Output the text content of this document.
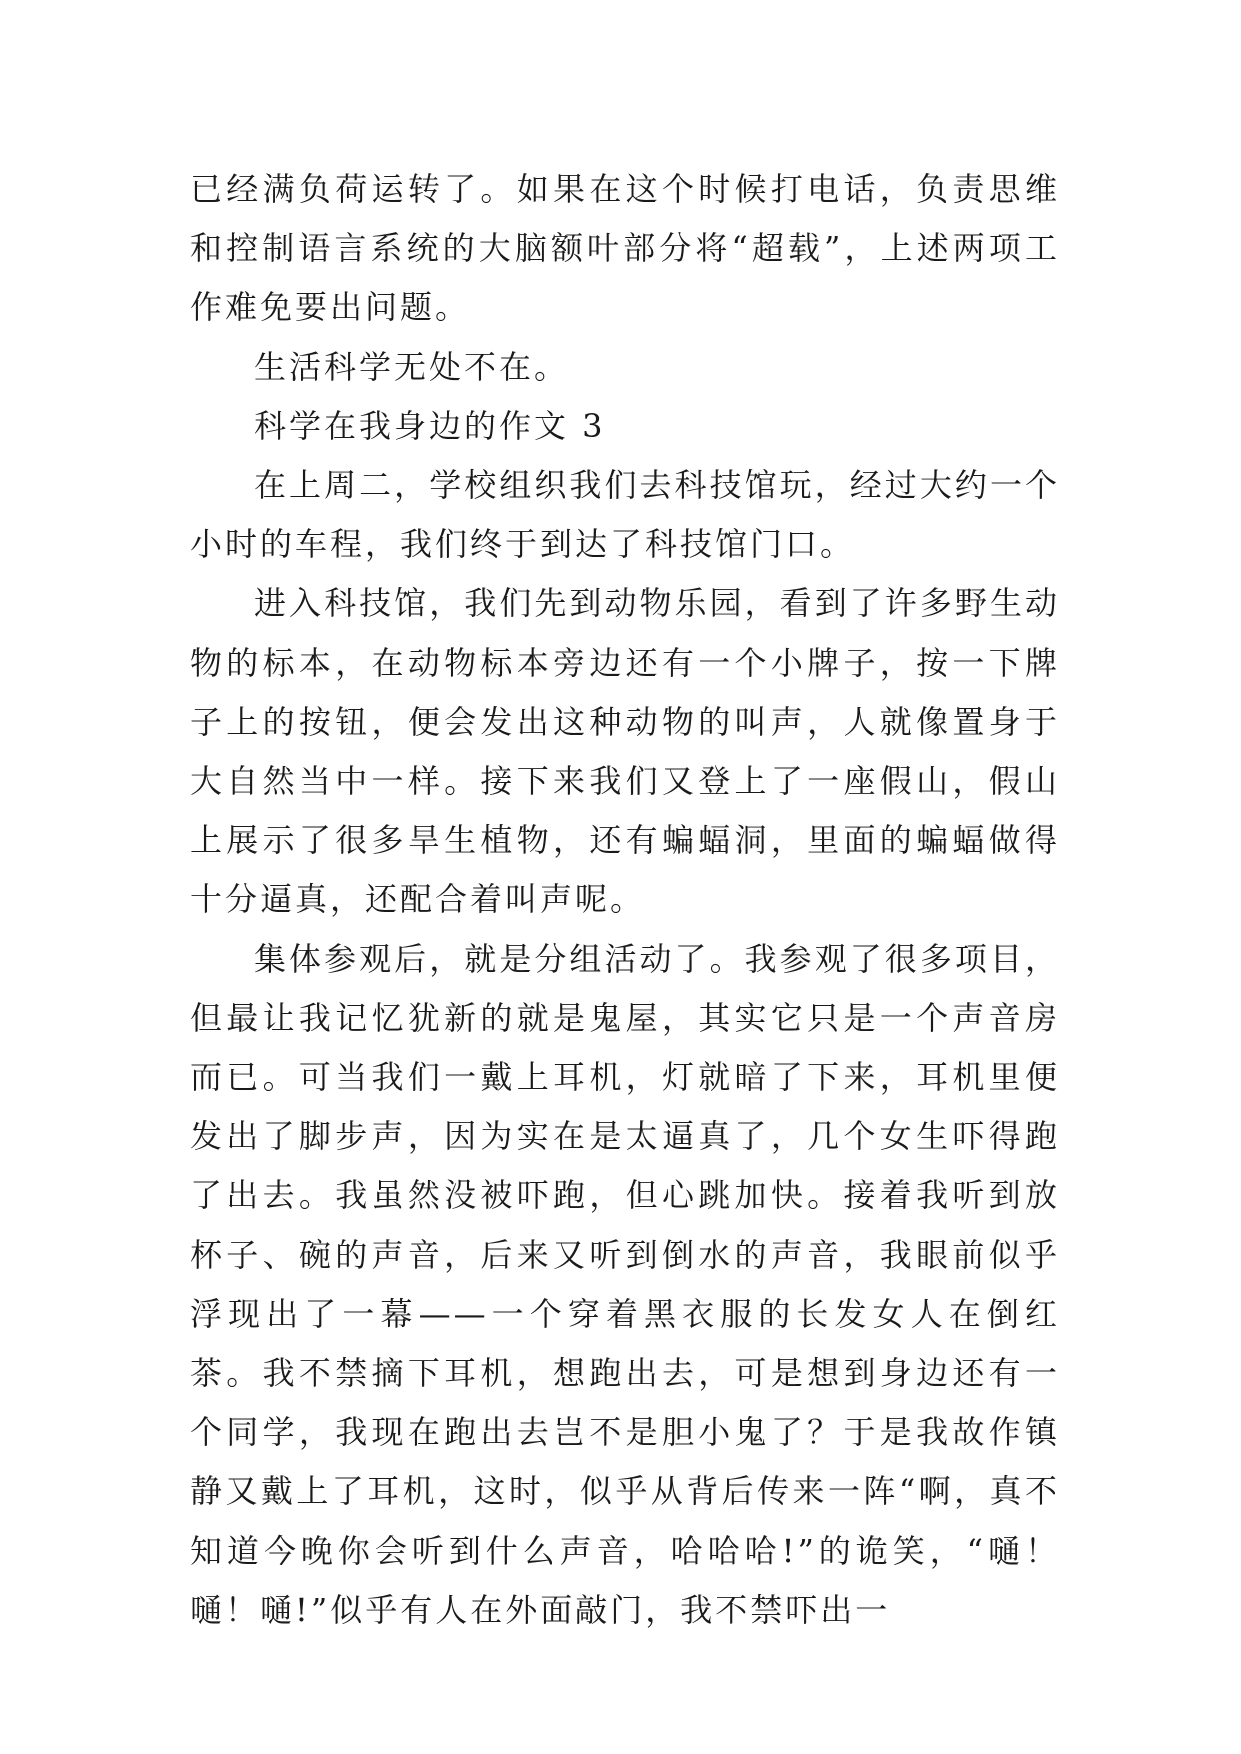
已经满负荷运转了。如果在这个时候打电话，负责思维和控制语言系统的大脑额叶部分将“超载”，上述两项工作难免要出问题。

生活科学无处不在。

科学在我身边的作文 3

在上周二，学校组织我们去科技馆玩，经过大约一个小时的车程，我们终于到达了科技馆门口。

进入科技馆，我们先到动物乐园，看到了许多野生动物的标本，在动物标本旁边还有一个小牌子，按一下牌子上的按钮，便会发出这种动物的叫声，人就像置身于大自然当中一样。接下来我们又登上了一座假山，假山上展示了很多旱生植物，还有蝙蝠洞，里面的蝙蝠做得十分逼真，还配合着叫声呢。

集体参观后，就是分组活动了。我参观了很多项目，但最让我记忆犹新的就是鬼屋，其实它只是一个声音房而已。可当我们一戴上耳机，灯就暗了下来，耳机里便发出了脚步声，因为实在是太逼真了，几个女生吓得跑了出去。我虽然没被吓跑，但心跳加快。接着我听到放杯子、碗的声音，后来又听到倒水的声音，我眼前似乎浮现出了一幕——一个穿着黑衣服的长发女人在倒红茶。我不禁摘下耳机，想跑出去，可是想到身边还有一个同学，我现在跑出去岂不是胆小鬼了？于是我故作镇静又戴上了耳机，这时，似乎从背后传来一阵“啊，真不知道今晚你会听到什么声音，哈哈哈!”的诡笑，“嗵！嗵！嗵!”似乎有人在外面敲门，我不禁吓出一
